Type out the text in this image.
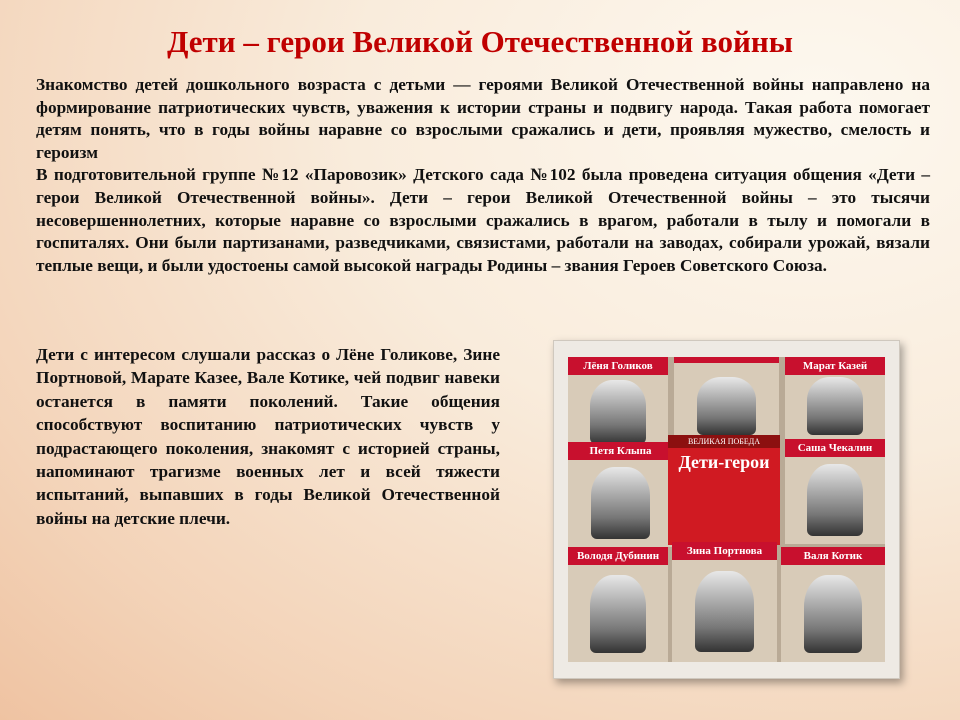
Дети – герои Великой Отечественной войны
Знакомство детей дошкольного возраста с детьми — героями Великой Отечественной войны направлено на формирование патриотических чувств, уважения к истории страны и подвигу народа. Такая работа помогает детям понять, что в годы войны наравне со взрослыми сражались и дети, проявляя мужество, смелость и героизм
В подготовительной группе №12 «Паровозик» Детского сада №102 была проведена ситуация общения «Дети – герои Великой Отечественной войны». Дети – герои Великой Отечественной войны – это тысячи несовершеннолетних, которые наравне со взрослыми сражались в врагом, работали в тылу и помогали в госпиталях. Они были партизанами, разведчиками, связистами, работали на заводах, собирали урожай, вязали теплые вещи, и были удостоены самой высокой награды Родины – звания Героев Советского Союза.
Дети с интересом слушали рассказ о Лёне Голикове, Зине Портновой, Марате Казее, Вале Котике, чей подвиг навеки останется в памяти поколений. Такие общения способствуют воспитанию патриотических чувств у подрастающего поколения, знакомят с историей страны, напоминают трагизме военных лет и всей тяжести испытаний, выпавших в годы Великой Отечественной войны на детские плечи.
Лёня Голиков	Марат Казей
Петя Клыпа
ВЕЛИКАЯ ПОБЕДА
Дети-герои
Саша Чекалин
Володя Дубинин	Зина Портнова	Валя Котик
